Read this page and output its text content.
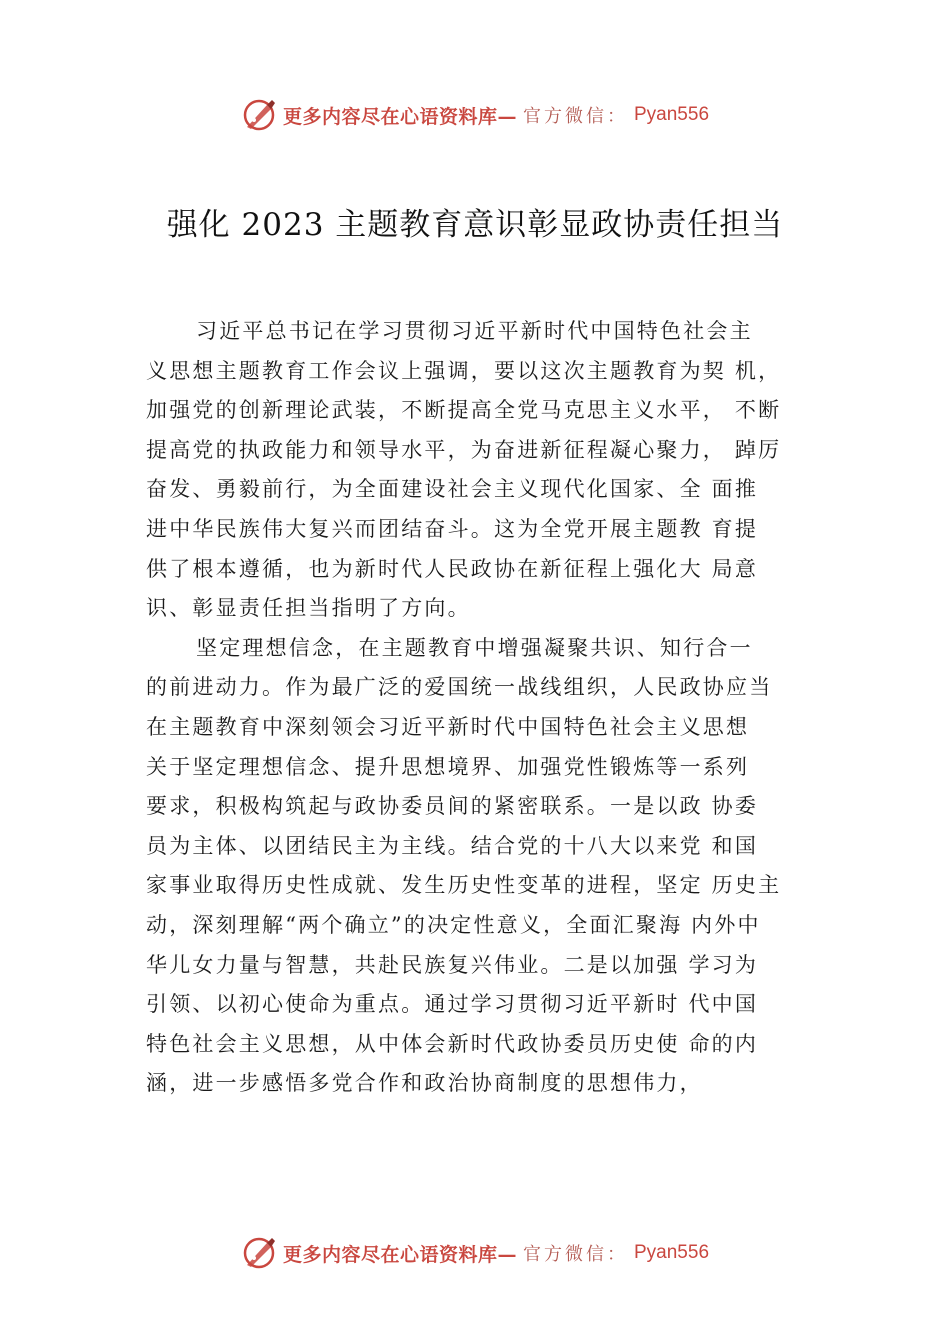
更多内容尽在心语资料库— 官方微信： Pyan556
强化 2023 主题教育意识彰显政协责任担当
习近平总书记在学习贯彻习近平新时代中国特色社会主
义思想主题教育工作会议上强调，要以这次主题教育为契 机，
加强党的创新理论武装，不断提高全党马克思主义水平， 不断
提高党的执政能力和领导水平，为奋进新征程凝心聚力， 踔厉
奋发、勇毅前行，为全面建设社会主义现代化国家、全 面推
进中华民族伟大复兴而团结奋斗。这为全党开展主题教 育提
供了根本遵循，也为新时代人民政协在新征程上强化大 局意
识、彰显责任担当指明了方向。
坚定理想信念，在主题教育中增强凝聚共识、知行合一
的前进动力。作为最广泛的爱国统一战线组织，人民政协应当
在主题教育中深刻领会习近平新时代中国特色社会主义思想
关于坚定理想信念、提升思想境界、加强党性锻炼等一系列
要求，积极构筑起与政协委员间的紧密联系。一是以政 协委
员为主体、以团结民主为主线。结合党的十八大以来党 和国
家事业取得历史性成就、发生历史性变革的进程，坚定 历史主
动，深刻理解“两个确立”的决定性意义，全面汇聚海 内外中
华儿女力量与智慧，共赴民族复兴伟业。二是以加强 学习为
引领、以初心使命为重点。通过学习贯彻习近平新时 代中国
特色社会主义思想，从中体会新时代政协委员历史使 命的内
涵，进一步感悟多党合作和政治协商制度的思想伟力，
更多内容尽在心语资料库— 官方微信： Pyan556
